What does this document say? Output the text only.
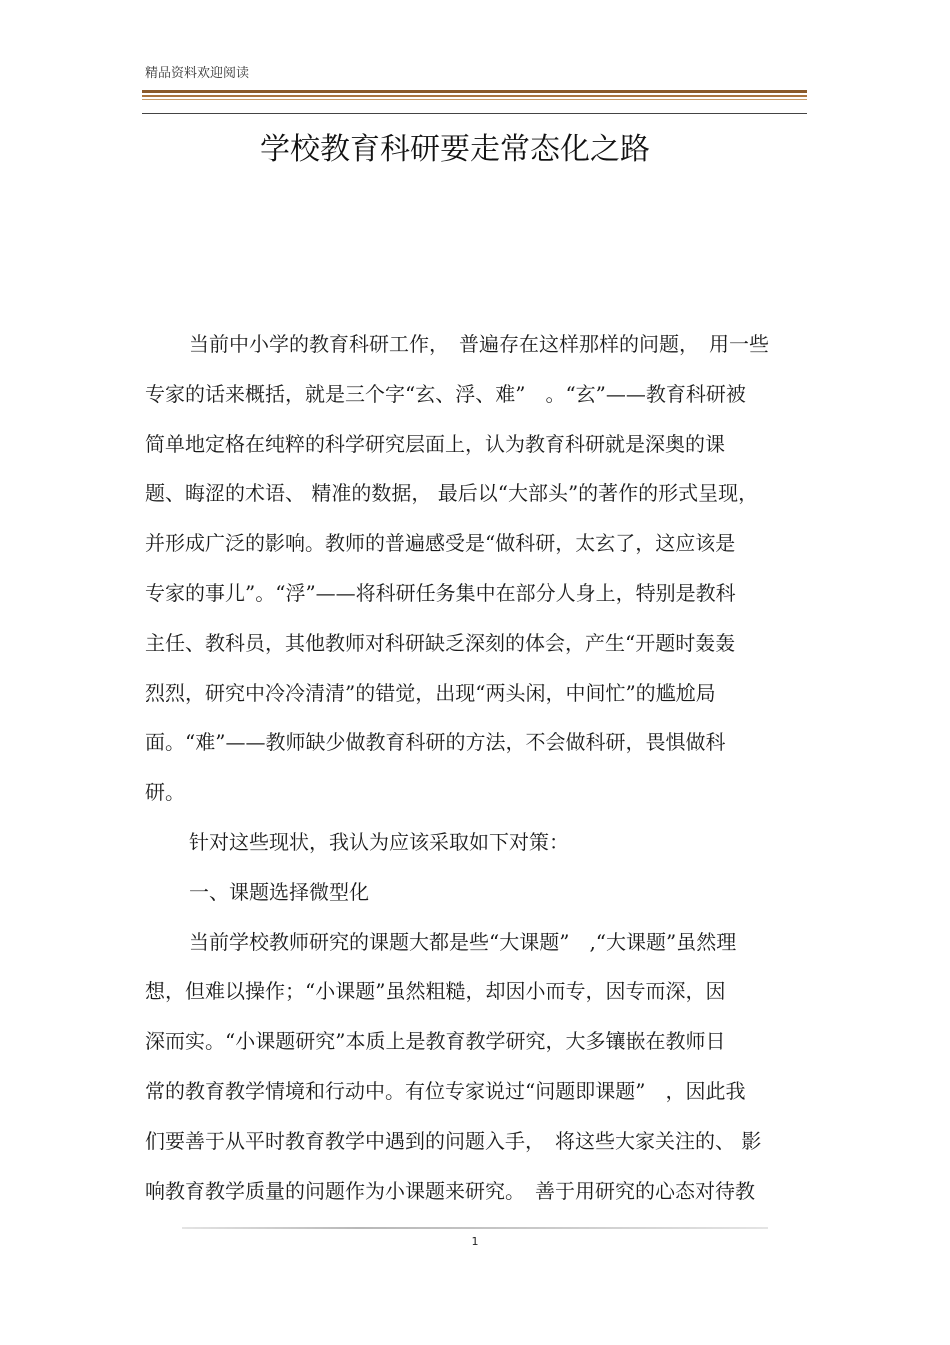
精品资料欢迎阅读
学校教育科研要走常态化之路
当前中小学的教育科研工作，　普遍存在这样那样的问题，　用一些
专家的话来概括，就是三个字“玄、浮、难”　。“玄”——教育科研被
简单地定格在纯粹的科学研究层面上，认为教育科研就是深奥的课
题、晦涩的术语、 精准的数据， 最后以“大部头”的著作的形式呈现，
并形成广泛的影响。教师的普遍感受是“做科研，太玄了，这应该是
专家的事儿”。“浮”——将科研任务集中在部分人身上，特别是教科
主任、教科员，其他教师对科研缺乏深刻的体会，产生“开题时轰轰
烈烈，研究中冷冷清清”的错觉，出现“两头闲，中间忙”的尴尬局
面。“难”——教师缺少做教育科研的方法，不会做科研，畏惧做科
研。
针对这些现状，我认为应该采取如下对策：
一、课题选择微型化
当前学校教师研究的课题大都是些“大课题”　,“大课题”虽然理
想，但难以操作；“小课题”虽然粗糙，却因小而专，因专而深，因
深而实。“小课题研究”本质上是教育教学研究，大多镶嵌在教师日
常的教育教学情境和行动中。有位专家说过“问题即课题”　，因此我
们要善于从平时教育教学中遇到的问题入手，　将这些大家关注的、 影
响教育教学质量的问题作为小课题来研究。　善于用研究的心态对待教
1
